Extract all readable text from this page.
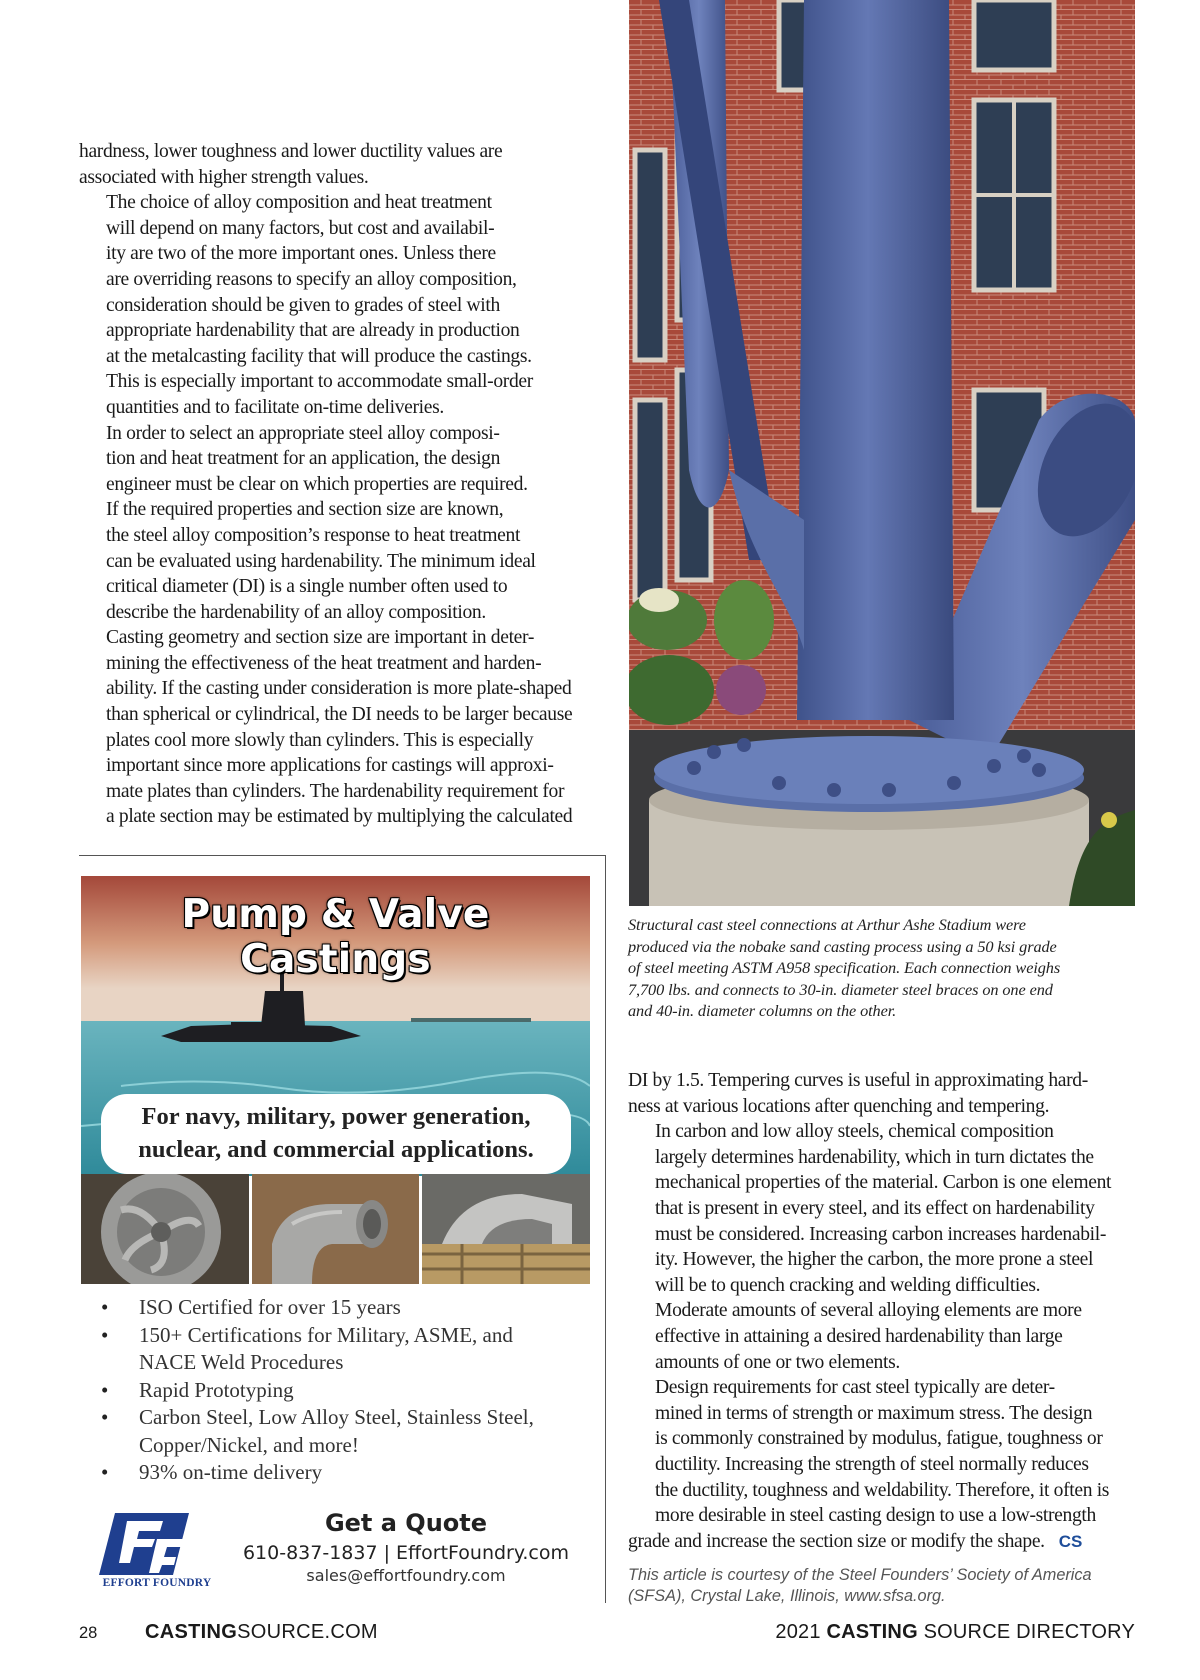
hardness, lower toughness and lower ductility values are
associated with higher strength values.

The choice of alloy composition and heat treatment
will depend on many factors, but cost and availabil-
ity are two of the more important ones. Unless there
are overriding reasons to specify an alloy composition,
consideration should be given to grades of steel with
appropriate hardenability that are already in production
at the metalcasting facility that will produce the castings.
This is especially important to accommodate small-order
quantities and to facilitate on-time deliveries.

In order to select an appropriate steel alloy composi-
tion and heat treatment for an application, the design
engineer must be clear on which properties are required.
If the required properties and section size are known,
the steel alloy composition’s response to heat treatment
can be evaluated using hardenability. The minimum ideal
critical diameter (DI) is a single number often used to
describe the hardenability of an alloy composition.

Casting geometry and section size are important in deter-
mining the effectiveness of the heat treatment and harden-
ability. If the casting under consideration is more plate-shaped
than spherical or cylindrical, the DI needs to be larger because
plates cool more slowly than cylinders. This is especially
important since more applications for castings will approxi-
mate plates than cylinders. The hardenability requirement for
a plate section may be estimated by multiplying the calculated

Structural cast steel connections at Arthur Ashe Stadium were
produced via the nobake sand casting process using a 50 ksi grade
of steel meeting ASTM A958 specification. Each connection weighs
7,700 lbs. and connects to 30-in. diameter steel braces on one end
and 40-in. diameter columns on the other.

DI by 1.5. Tempering curves is useful in approximating hard-
ness at various locations after quenching and tempering.

In carbon and low alloy steels, chemical composition
largely determines hardenability, which in turn dictates the
mechanical properties of the material. Carbon is one element
that is present in every steel, and its effect on hardenability
must be considered. Increasing carbon increases hardenabil-
ity. However, the higher the carbon, the more prone a steel
will be to quench cracking and welding difficulties.

Moderate amounts of several alloying elements are more
effective in attaining a desired hardenability than large
amounts of one or two elements.

Design requirements for cast steel typically are deter-
mined in terms of strength or maximum stress. The design
is commonly constrained by modulus, fatigue, toughness or
ductility. Increasing the strength of steel normally reduces
the ductility, toughness and weldability. Therefore, it often is
more desirable in steel casting design to use a low-strength
grade and increase the section size or modify the shape. CS

This article is courtesy of the Steel Founders’ Society of America
(SFSA), Crystal Lake, Illinois, www.sfsa.org.
Pump & Valve Castings
For navy, military, power generation,
nuclear, and commercial applications.
• ISO Certified for over 15 years
• 150+ Certifications for Military, ASME, and
NACE Weld Procedures
• Rapid Prototyping
• Carbon Steel, Low Alloy Steel, Stainless Steel,
Copper/Nickel, and more!
• 93% on-time delivery
EFFORT FOUNDRY
Get a Quote
610-837-1837 | EffortFoundry.com
sales@effortfoundry.com
28 CASTINGSOURCE.COM	2021 CASTING SOURCE DIRECTORY
